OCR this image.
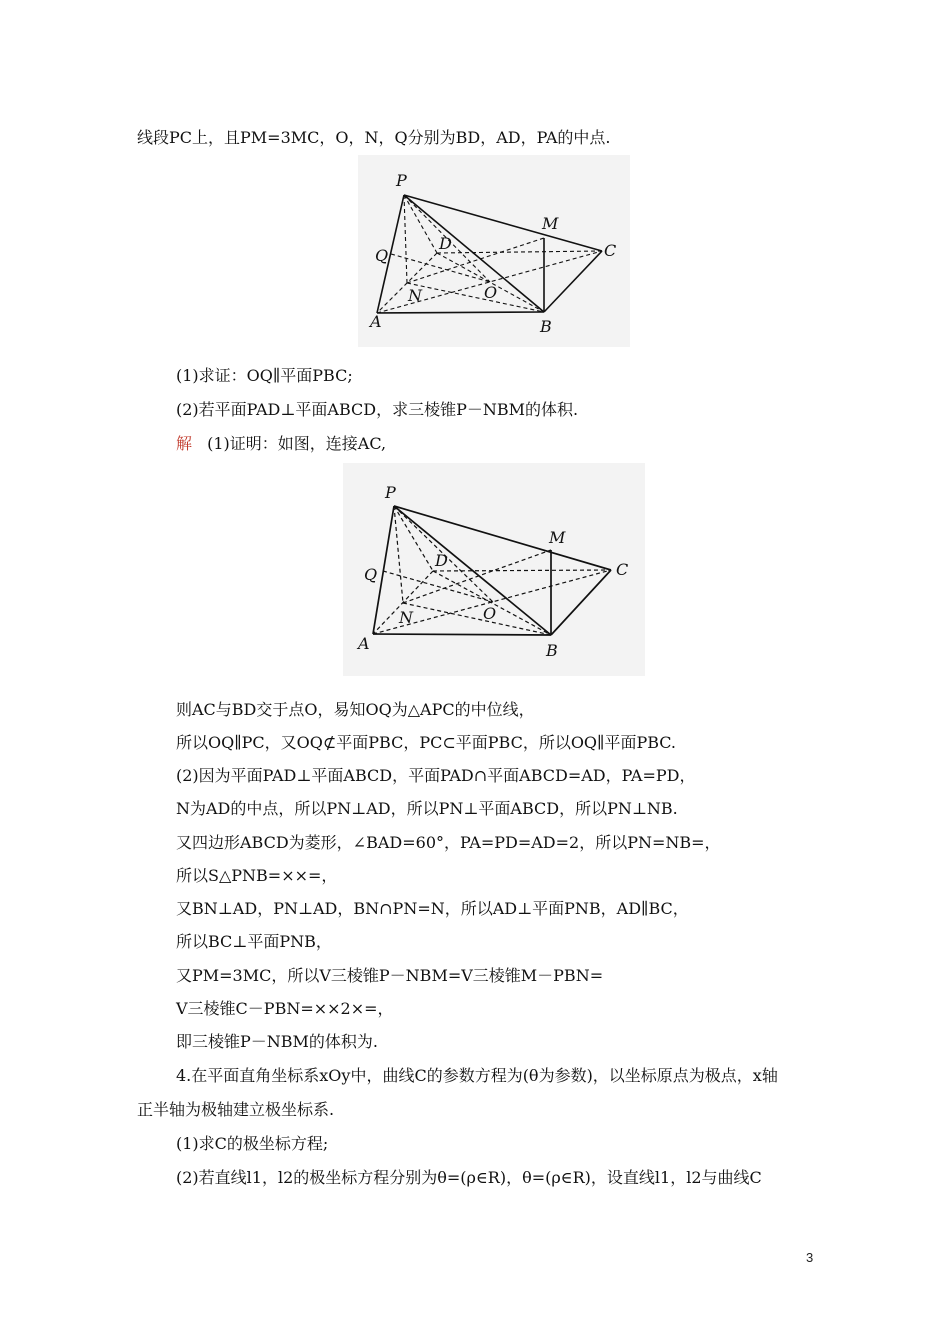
线段PC上，且PM=3MC，O，N，Q分别为BD，AD，PA的中点.
P
M
C
D
Q
N	O
A	B
(1)求证：OQ∥平面PBC;
(2)若平面PAD⊥平面ABCD，求三棱锥P－NBM的体积.
解 (1)证明：如图，连接AC,
P
M
C
D
Q
N	O
A	B
则AC与BD交于点O，易知OQ为△APC的中位线，
所以OQ∥PC，又OQ⊄平面PBC，PC⊂平面PBC，所以OQ∥平面PBC.
(2)因为平面PAD⊥平面ABCD，平面PAD∩平面ABCD=AD，PA=PD，
N为AD的中点，所以PN⊥AD，所以PN⊥平面ABCD，所以PN⊥NB.
又四边形ABCD为菱形，∠BAD=60°，PA=PD=AD=2，所以PN=NB=，
所以S△PNB=××=，
又BN⊥AD，PN⊥AD，BN∩PN=N，所以AD⊥平面PNB，AD∥BC，
所以BC⊥平面PNB，
又PM=3MC，所以V三棱锥P－NBM=V三棱锥M－PBN=
V三棱锥C－PBN=××2×=，
即三棱锥P－NBM的体积为.
4.在平面直角坐标系xOy中，曲线C的参数方程为(θ为参数)，以坐标原点为极点，x轴
正半轴为极轴建立极坐标系.
(1)求C的极坐标方程;
(2)若直线l1，l2的极坐标方程分别为θ=(ρ∈R)，θ=(ρ∈R)，设直线l1，l2与曲线C
3
